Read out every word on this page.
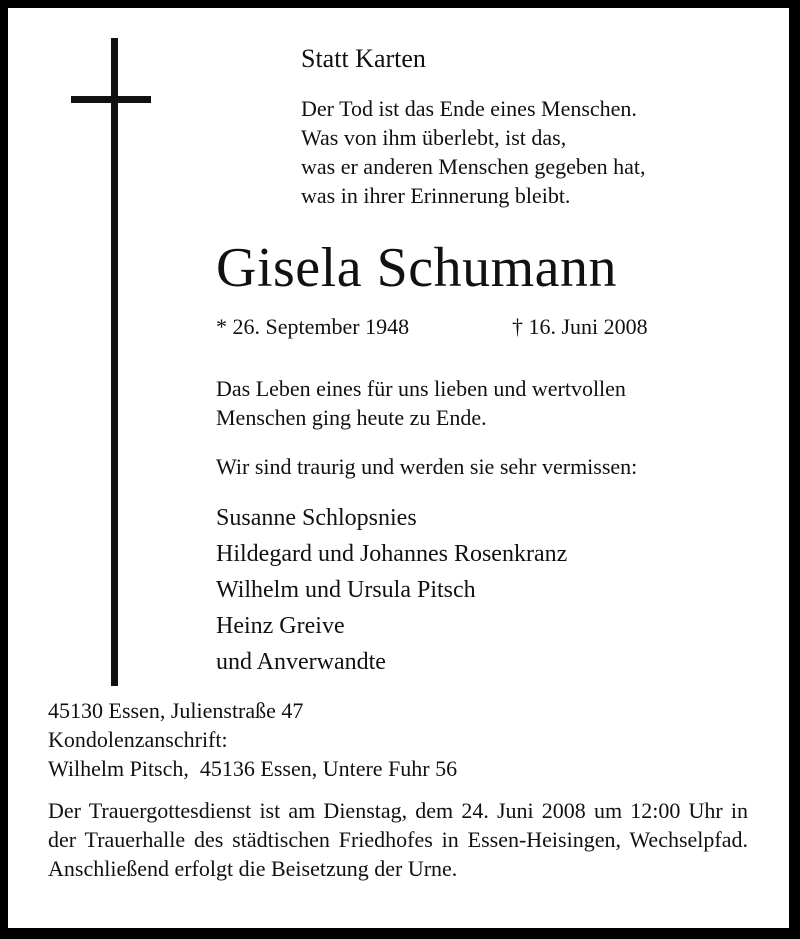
Statt Karten
Der Tod ist das Ende eines Menschen.
Was von ihm überlebt, ist das,
was er anderen Menschen gegeben hat,
was in ihrer Erinnerung bleibt.
Gisela Schumann
* 26. September 1948	† 16. Juni 2008
Das Leben eines für uns lieben und wertvollen
Menschen ging heute zu Ende.
Wir sind traurig und werden sie sehr vermissen:
Susanne Schlopsnies
Hildegard und Johannes Rosenkranz
Wilhelm und Ursula Pitsch
Heinz Greive
und Anverwandte
45130 Essen, Julienstraße 47
Kondolenzanschrift:
Wilhelm Pitsch,  45136 Essen, Untere Fuhr 56
Der Trauergottesdienst ist am Dienstag, dem 24. Juni 2008 um 12:00 Uhr in der Trauerhalle des städtischen Friedhofes in Essen-Heisingen, Wechselpfad. Anschließend erfolgt die Beisetzung der Urne.
